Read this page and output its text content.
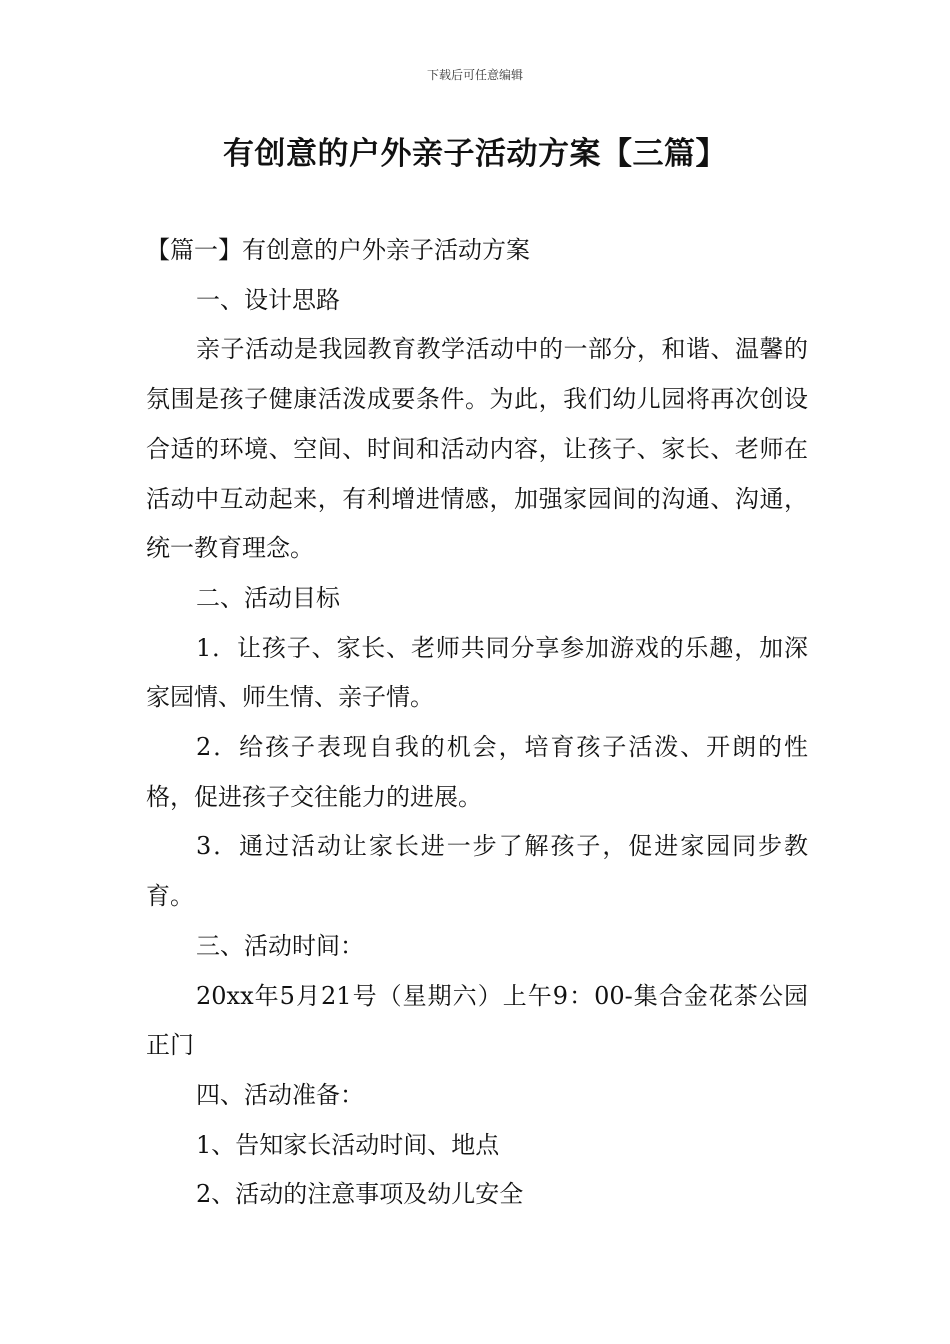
下载后可任意编辑
有创意的户外亲子活动方案【三篇】

【篇一】有创意的户外亲子活动方案

一、设计思路

亲子活动是我园教育教学活动中的一部分，和谐、温馨的氛围是孩子健康活泼成要条件。为此，我们幼儿园将再次创设合适的环境、空间、时间和活动内容，让孩子、家长、老师在活动中互动起来，有利增进情感，加强家园间的沟通、沟通，统一教育理念。

二、活动目标

1．让孩子、家长、老师共同分享参加游戏的乐趣，加深家园情、师生情、亲子情。

2．给孩子表现自我的机会，培育孩子活泼、开朗的性格，促进孩子交往能力的进展。

3．通过活动让家长进一步了解孩子，促进家园同步教育。

三、活动时间：

20xx年5月21号（星期六）上午9：00-集合金花茶公园正门

四、活动准备：

1、告知家长活动时间、地点

2、活动的注意事项及幼儿安全
